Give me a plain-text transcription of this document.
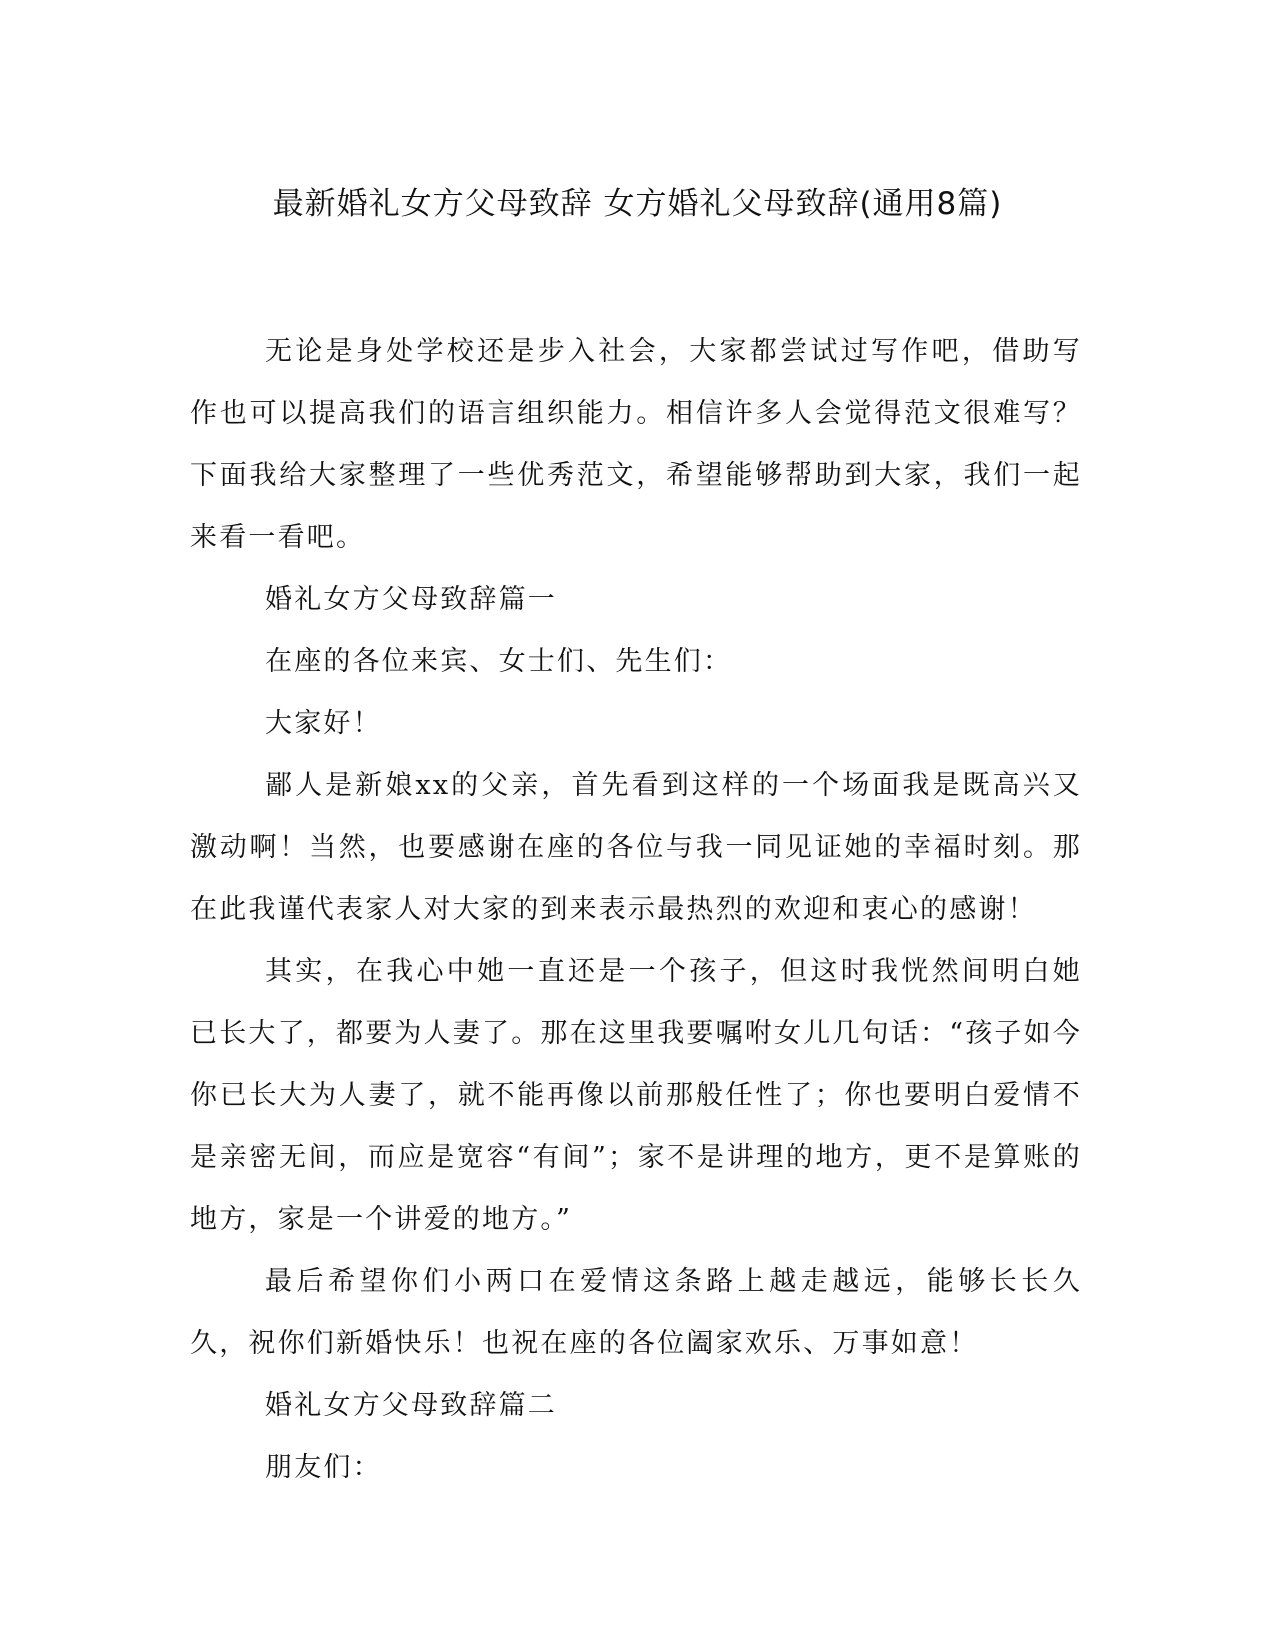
最新婚礼女方父母致辞 女方婚礼父母致辞(通用8篇)

无论是身处学校还是步入社会，大家都尝试过写作吧，借助写作也可以提高我们的语言组织能力。相信许多人会觉得范文很难写？下面我给大家整理了一些优秀范文，希望能够帮助到大家，我们一起来看一看吧。

婚礼女方父母致辞篇一

在座的各位来宾、女士们、先生们：

大家好！

鄙人是新娘xx的父亲，首先看到这样的一个场面我是既高兴又激动啊！当然，也要感谢在座的各位与我一同见证她的幸福时刻。那在此我谨代表家人对大家的到来表示最热烈的欢迎和衷心的感谢！

其实，在我心中她一直还是一个孩子，但这时我恍然间明白她已长大了，都要为人妻了。那在这里我要嘱咐女儿几句话：“孩子如今你已长大为人妻了，就不能再像以前那般任性了；你也要明白爱情不是亲密无间，而应是宽容“有间”；家不是讲理的地方，更不是算账的地方，家是一个讲爱的地方。”

最后希望你们小两口在爱情这条路上越走越远，能够长长久久，祝你们新婚快乐！也祝在座的各位阖家欢乐、万事如意！

婚礼女方父母致辞篇二

朋友们：
